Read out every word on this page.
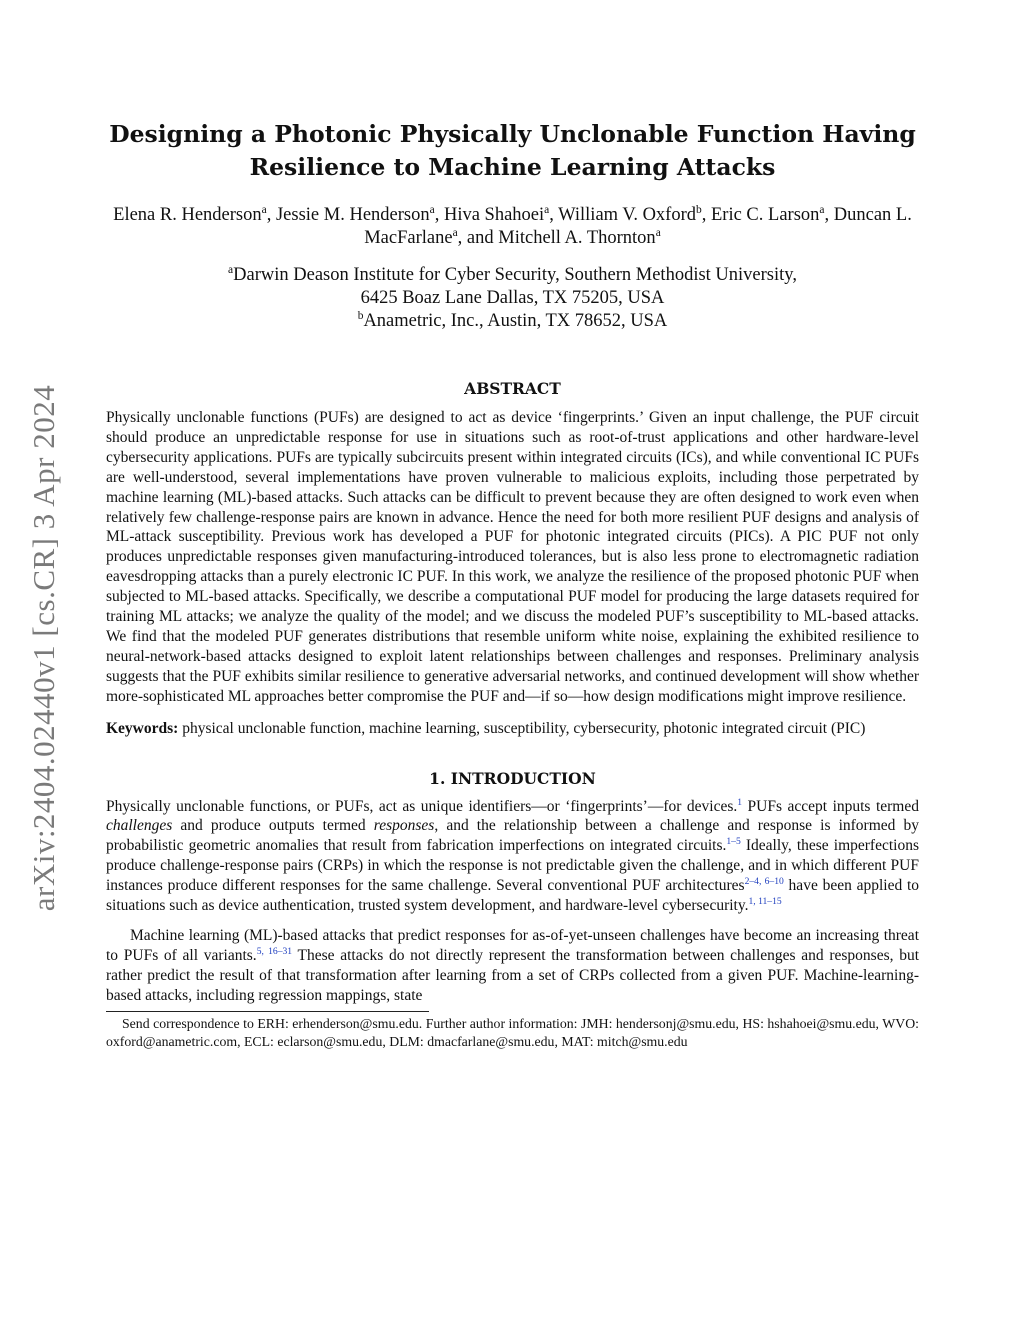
arXiv:2404.02440v1 [cs.CR] 3 Apr 2024
Designing a Photonic Physically Unclonable Function Having
Resilience to Machine Learning Attacks
Elena R. Henderson$^a$, Jessie M. Henderson$^a$, Hiva Shahoei$^a$, William V. Oxford$^b$, Eric C. Larson$^a$, Duncan L. MacFarlane$^a$, and Mitchell A. Thornton$^a$
$^a$Darwin Deason Institute for Cyber Security, Southern Methodist University,
6425 Boaz Lane Dallas, TX 75205, USA
$^b$Anametric, Inc., Austin, TX 78652, USA
ABSTRACT

Physically unclonable functions (PUFs) are designed to act as device ‘fingerprints.’ Given an input challenge, the PUF circuit should produce an unpredictable response for use in situations such as root-of-trust applications and other hardware-level cybersecurity applications. PUFs are typically subcircuits present within integrated circuits (ICs), and while conventional IC PUFs are well-understood, several implementations have proven vulnerable to malicious exploits, including those perpetrated by machine learning (ML)-based attacks. Such attacks can be difficult to prevent because they are often designed to work even when relatively few challenge-response pairs are known in advance. Hence the need for both more resilient PUF designs and analysis of ML-attack susceptibility. Previous work has developed a PUF for photonic integrated circuits (PICs). A PIC PUF not only produces unpredictable responses given manufacturing-introduced tolerances, but is also less prone to electromagnetic radiation eavesdropping attacks than a purely electronic IC PUF. In this work, we analyze the resilience of the proposed photonic PUF when subjected to ML-based attacks. Specifically, we describe a computational PUF model for producing the large datasets required for training ML attacks; we analyze the quality of the model; and we discuss the modeled PUF’s susceptibility to ML-based attacks. We find that the modeled PUF generates distributions that resemble uniform white noise, explaining the exhibited resilience to neural-network-based attacks designed to exploit latent relationships between challenges and responses. Preliminary analysis suggests that the PUF exhibits similar resilience to generative adversarial networks, and continued development will show whether more-sophisticated ML approaches better compromise the PUF and—if so—how design modifications might improve resilience.

Keywords: physical unclonable function, machine learning, susceptibility, cybersecurity, photonic integrated circuit (PIC)

1. INTRODUCTION

Physically unclonable functions, or PUFs, act as unique identifiers—or ‘fingerprints’—for devices.$^1$ PUFs accept inputs termed challenges and produce outputs termed responses, and the relationship between a challenge and response is informed by probabilistic geometric anomalies that result from fabrication imperfections on integrated circuits.$^{1-5}$ Ideally, these imperfections produce challenge-response pairs (CRPs) in which the response is not predictable given the challenge, and in which different PUF instances produce different responses for the same challenge. Several conventional PUF architectures$^{2-4, 6-10}$ have been applied to situations such as device authentication, trusted system development, and hardware-level cybersecurity.$^{1, 11-15}$

Machine learning (ML)-based attacks that predict responses for as-of-yet-unseen challenges have become an increasing threat to PUFs of all variants.$^{5, 16-31}$ These attacks do not directly represent the transformation between challenges and responses, but rather predict the result of that transformation after learning from a set of CRPs collected from a given PUF. Machine-learning-based attacks, including regression mappings, state

Send correspondence to ERH: erhenderson@smu.edu. Further author information: JMH: hendersonj@smu.edu, HS: hshahoei@smu.edu, WVO: oxford@anametric.com, ECL: eclarson@smu.edu, DLM: dmacfarlane@smu.edu, MAT: mitch@smu.edu
